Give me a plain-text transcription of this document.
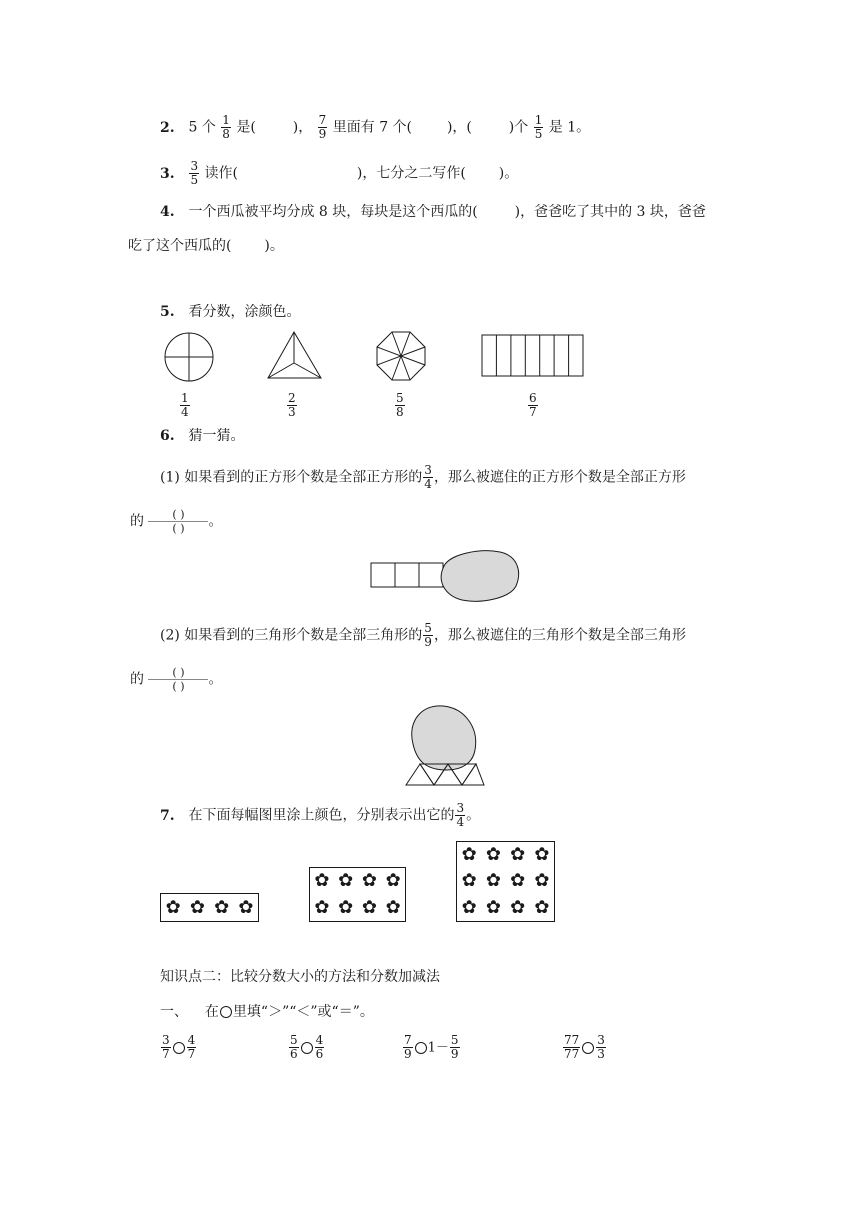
2. 5 个 $\frac{1}{8}$ 是(	)， $\frac{7}{9}$ 里面有 7 个( )，(	)个 $\frac{1}{5}$ 是 1。
3. $\frac{3}{5}$ 读作(	)，七分之二写作( )。
4. 一个西瓜被平均分成 8 块，每块是这个西瓜的(	)，爸爸吃了其中的 3 块，爸爸
吃了这个西瓜的( )。
5. 看分数，涂颜色。
$\frac{1}{4}$	$\frac{2}{3}$	$\frac{5}{8}$	$\frac{6}{7}$
6. 猜一猜。
(1) 如果看到的正方形个数是全部正方形的 $\frac{3}{4}$ ，那么被遮住的正方形个数是全部正方形
的 $\frac{( )}{( )}$ 。
(2) 如果看到的三角形个数是全部三角形的 $\frac{5}{9}$ ，那么被遮住的三角形个数是全部三角形
的 $\frac{( )}{( )}$ 。
7. 在下面每幅图里涂上颜色，分别表示出它的 $\frac{3}{4}$ 。
✿ ✿ ✿ ✿
✿ ✿ ✿ ✿
✿ ✿ ✿ ✿
✿ ✿ ✿ ✿
✿ ✿ ✿ ✿
✿ ✿ ✿ ✿
知识点二：比较分数大小的方法和分数加减法
一、 在 里填“＞”“＜”或“＝”。
$\frac{3}{7} \frac{4}{7}$	$\frac{5}{6} \frac{4}{6}$	$\frac{7}{9} 1- \frac{5}{9}$	$\frac{77}{77} \frac{3}{3}$
